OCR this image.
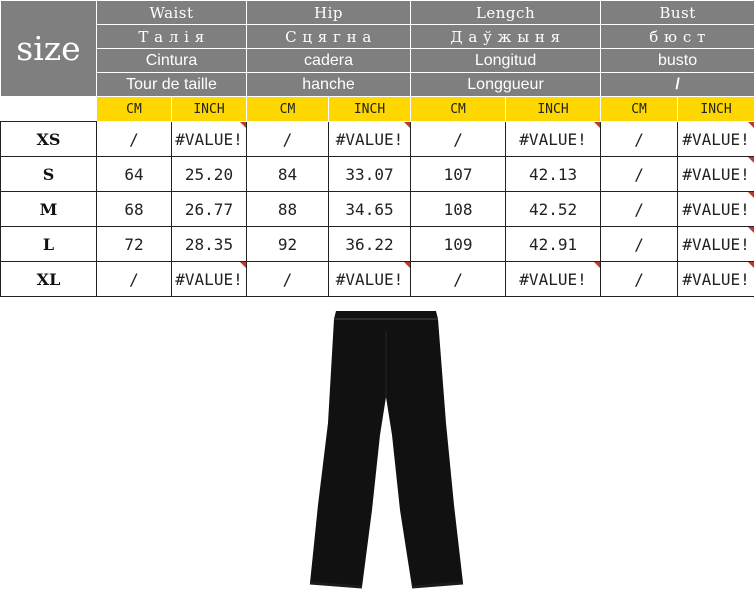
size	Waist		Hip		Lengch		Bust	
	Т а л і я		С ц я г н а		Д а ў ж ы н я		б ю с т	
	Cintura		cadera		Longitud		busto	
	Tour de taille		hanche		Longgueur		/	
	CM	INCH	CM	INCH	CM	INCH	CM	INCH
XS	/	#VALUE!	/	#VALUE!	/	#VALUE!	/	#VALUE!
S	64	25.20	84	33.07	107	42.13	/	#VALUE!
M	68	26.77	88	34.65	108	42.52	/	#VALUE!
L	72	28.35	92	36.22	109	42.91	/	#VALUE!
XL	/	#VALUE!	/	#VALUE!	/	#VALUE!	/	#VALUE!
